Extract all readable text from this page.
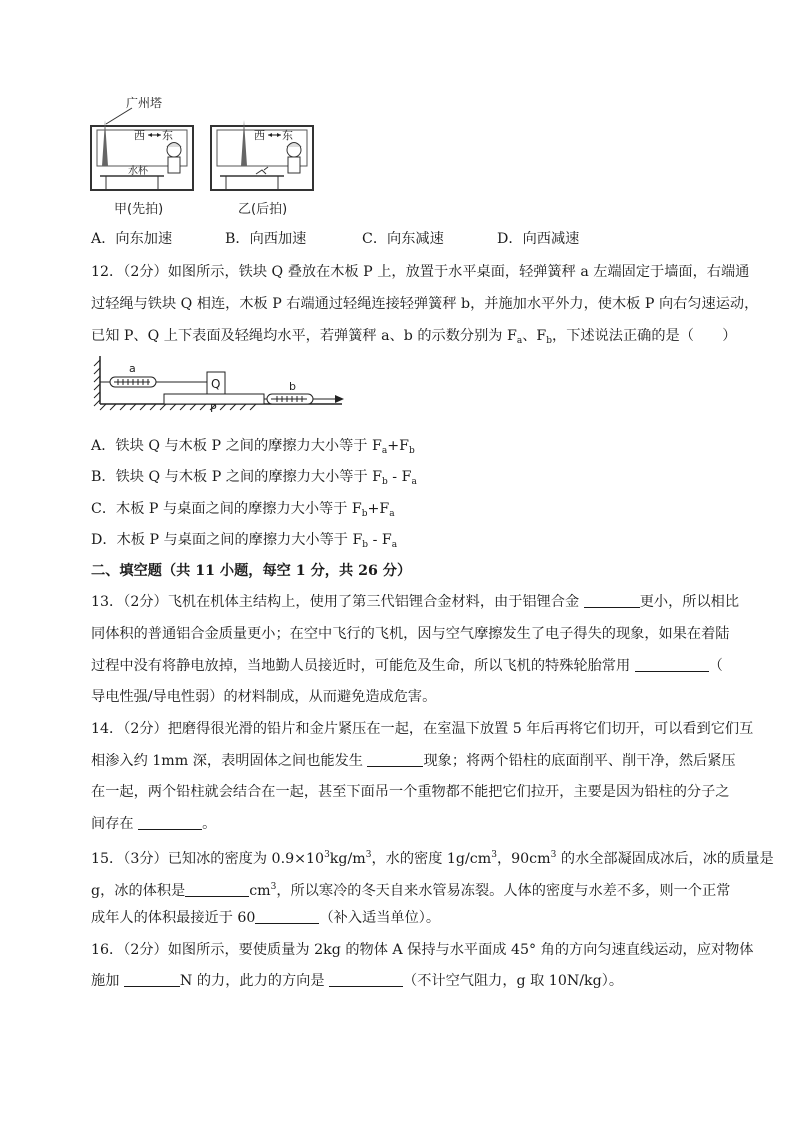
广州塔
西 东
水杯
甲(先拍)
西 东
乙(后拍)
A．向东加速	B．向西加速	C．向东减速	D．向西减速
12．（2分）如图所示，铁块 Q 叠放在木板 P 上，放置于水平桌面，轻弹簧秤 a 左端固定于墙面，右端通
过轻绳与铁块 Q 相连，木板 P 右端通过轻绳连接轻弹簧秤 b，并施加水平外力，使木板 P 向右匀速运动，
已知 P、Q 上下表面及轻绳均水平，若弹簧秤 a、b 的示数分别为 $F_a$、$F_b$，下述说法正确的是（　　）
a
Q
P
b
A．铁块 Q 与木板 P 之间的摩擦力大小等于 $F_a+F_b$
B．铁块 Q 与木板 P 之间的摩擦力大小等于 $F_b - F_a$
C．木板 P 与桌面之间的摩擦力大小等于 $F_b+F_a$
D．木板 P 与桌面之间的摩擦力大小等于 $F_b - F_a$
二、填空题（共 11 小题，每空 1 分，共 26 分）
13．（2分）飞机在机体主结构上，使用了第三代铝锂合金材料，由于铝锂合金	更小，所以相比
同体积的普通铝合金质量更小；在空中飞行的飞机，因与空气摩擦发生了电子得失的现象，如果在着陆
过程中没有将静电放掉，当地勤人员接近时，可能危及生命，所以飞机的特殊轮胎常用	（
导电性强/导电性弱）的材料制成，从而避免造成危害。
14．（2分）把磨得很光滑的铅片和金片紧压在一起，在室温下放置 5 年后再将它们切开，可以看到它们互
相渗入约 1mm 深，表明固体之间也能发生	现象；将两个铅柱的底面削平、削干净，然后紧压
在一起，两个铅柱就会结合在一起，甚至下面吊一个重物都不能把它们拉开，主要是因为铅柱的分子之
间存在	。
15．（3分）已知冰的密度为 $0.9\times 10^3kg/m^3$，水的密度 $1g/cm^3$，$90cm^3$ 的水全部凝固成冰后，冰的质量是
g，冰的体积是	$cm^3$，所以寒冷的冬天自来水管易冻裂。人体的密度与水差不多，则一个正常
成年人的体积最接近于 60	（补入适当单位）。
16．（2分）如图所示，要使质量为 2kg 的物体 A 保持与水平面成 45° 角的方向匀速直线运动，应对物体
施加	N 的力，此力的方向是	（不计空气阻力，g 取 10N/kg）。
